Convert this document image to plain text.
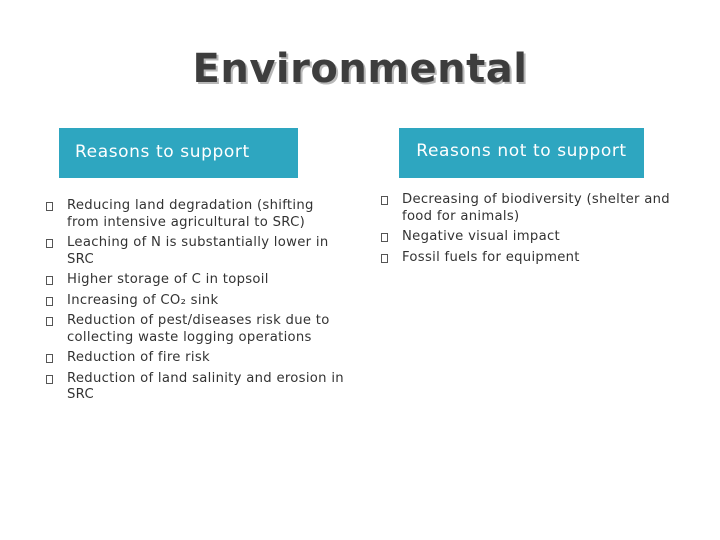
Environmental
Reasons to support	Reasons not to support
Reducing land degradation (shifting from intensive agricultural to SRC)
Leaching of N is substantially lower in SRC
Higher storage of C in topsoil
Increasing of CO₂ sink
Reduction of pest/diseases risk due to collecting waste logging operations
Reduction of fire risk
Reduction of land salinity and erosion in SRC
Decreasing of biodiversity (shelter and food for animals)
Negative visual impact
Fossil fuels for equipment
